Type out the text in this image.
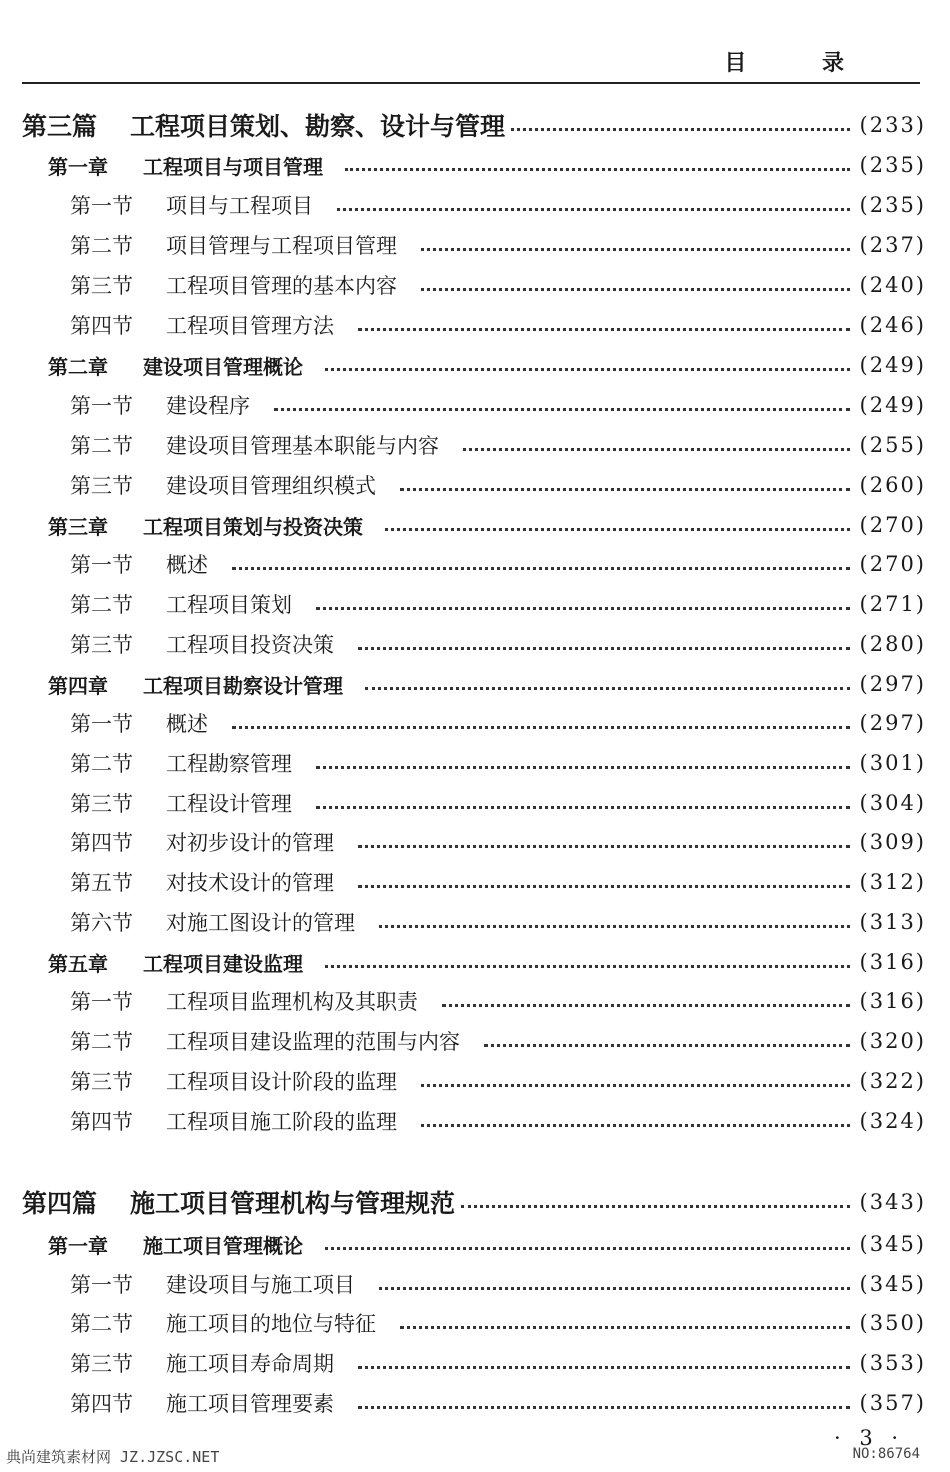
目 录
第三篇	工程项目策划、勘察、设计与管理	(233)
第一章	工程项目与项目管理	(235)
第一节	项目与工程项目	(235)
第二节	项目管理与工程项目管理	(237)
第三节	工程项目管理的基本内容	(240)
第四节	工程项目管理方法	(246)
第二章	建设项目管理概论	(249)
第一节	建设程序	(249)
第二节	建设项目管理基本职能与内容	(255)
第三节	建设项目管理组织模式	(260)
第三章	工程项目策划与投资决策	(270)
第一节	概述	(270)
第二节	工程项目策划	(271)
第三节	工程项目投资决策	(280)
第四章	工程项目勘察设计管理	(297)
第一节	概述	(297)
第二节	工程勘察管理	(301)
第三节	工程设计管理	(304)
第四节	对初步设计的管理	(309)
第五节	对技术设计的管理	(312)
第六节	对施工图设计的管理	(313)
第五章	工程项目建设监理	(316)
第一节	工程项目监理机构及其职责	(316)
第二节	工程项目建设监理的范围与内容	(320)
第三节	工程项目设计阶段的监理	(322)
第四节	工程项目施工阶段的监理	(324)
第四篇	施工项目管理机构与管理规范	(343)
第一章	施工项目管理概论	(345)
第一节	建设项目与施工项目	(345)
第二节	施工项目的地位与特征	(350)
第三节	施工项目寿命周期	(353)
第四节	施工项目管理要素	(357)
· 3 ·
典尚建筑素材网 JZ.JZSC.NET	NO:86764
